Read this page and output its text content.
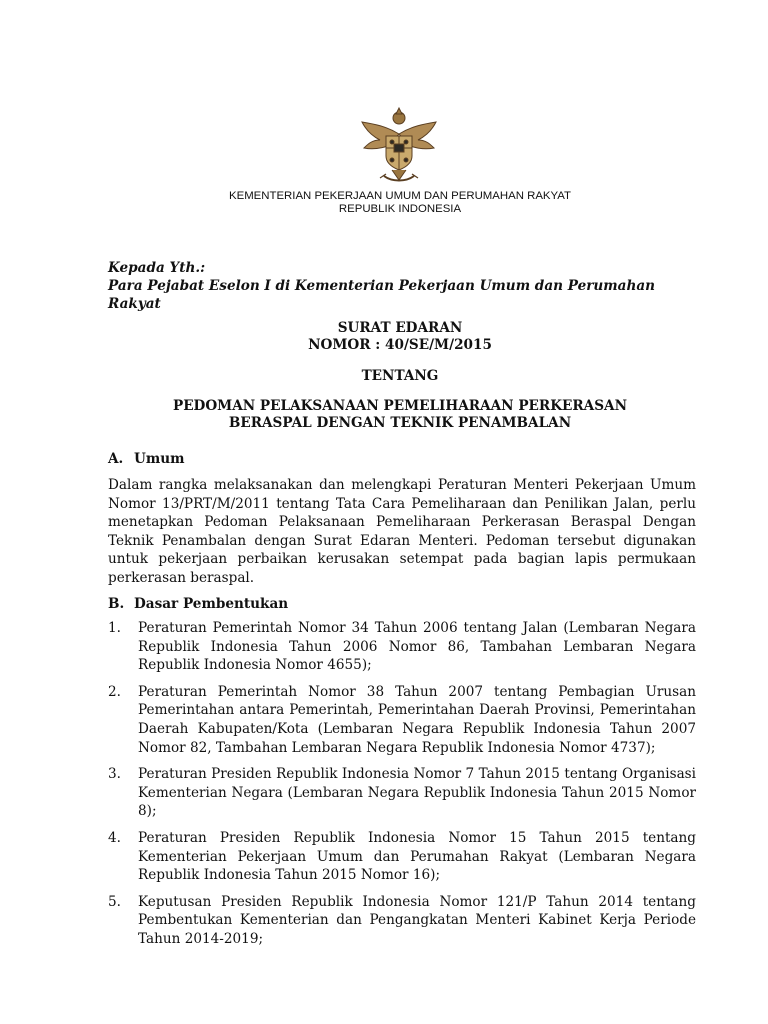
KEMENTERIAN PEKERJAAN UMUM DAN PERUMAHAN RAKYAT
REPUBLIK INDONESIA
Kepada Yth.:
Para Pejabat Eselon I di Kementerian Pekerjaan Umum dan Perumahan Rakyat
SURAT EDARAN
NOMOR : 40/SE/M/2015
TENTANG
PEDOMAN PELAKSANAAN PEMELIHARAAN PERKERASAN
BERASPAL DENGAN TEKNIK PENAMBALAN
A. Umum
Dalam rangka melaksanakan dan melengkapi Peraturan Menteri Pekerjaan Umum Nomor 13/PRT/M/2011 tentang Tata Cara Pemeliharaan dan Penilikan Jalan, perlu menetapkan Pedoman Pelaksanaan Pemeliharaan Perkerasan Beraspal Dengan Teknik Penambalan dengan Surat Edaran Menteri. Pedoman tersebut digunakan untuk pekerjaan perbaikan kerusakan setempat pada bagian lapis permukaan perkerasan beraspal.
B. Dasar Pembentukan
1.	Peraturan Pemerintah Nomor 34 Tahun 2006 tentang Jalan (Lembaran Negara Republik Indonesia Tahun 2006 Nomor 86, Tambahan Lembaran Negara Republik Indonesia Nomor 4655);
2.	Peraturan Pemerintah Nomor 38 Tahun 2007 tentang Pembagian Urusan Pemerintahan antara Pemerintah, Pemerintahan Daerah Provinsi, Pemerintahan Daerah Kabupaten/Kota (Lembaran Negara Republik Indonesia Tahun 2007 Nomor 82, Tambahan Lembaran Negara Republik Indonesia Nomor 4737);
3.	Peraturan Presiden Republik Indonesia Nomor 7 Tahun 2015 tentang Organisasi Kementerian Negara (Lembaran Negara Republik Indonesia Tahun 2015 Nomor 8);
4.	Peraturan Presiden Republik Indonesia Nomor 15 Tahun 2015 tentang Kementerian Pekerjaan Umum dan Perumahan Rakyat (Lembaran Negara Republik Indonesia Tahun 2015 Nomor 16);
5.	Keputusan Presiden Republik Indonesia Nomor 121/P Tahun 2014 tentang Pembentukan Kementerian dan Pengangkatan Menteri Kabinet Kerja Periode Tahun 2014-2019;
